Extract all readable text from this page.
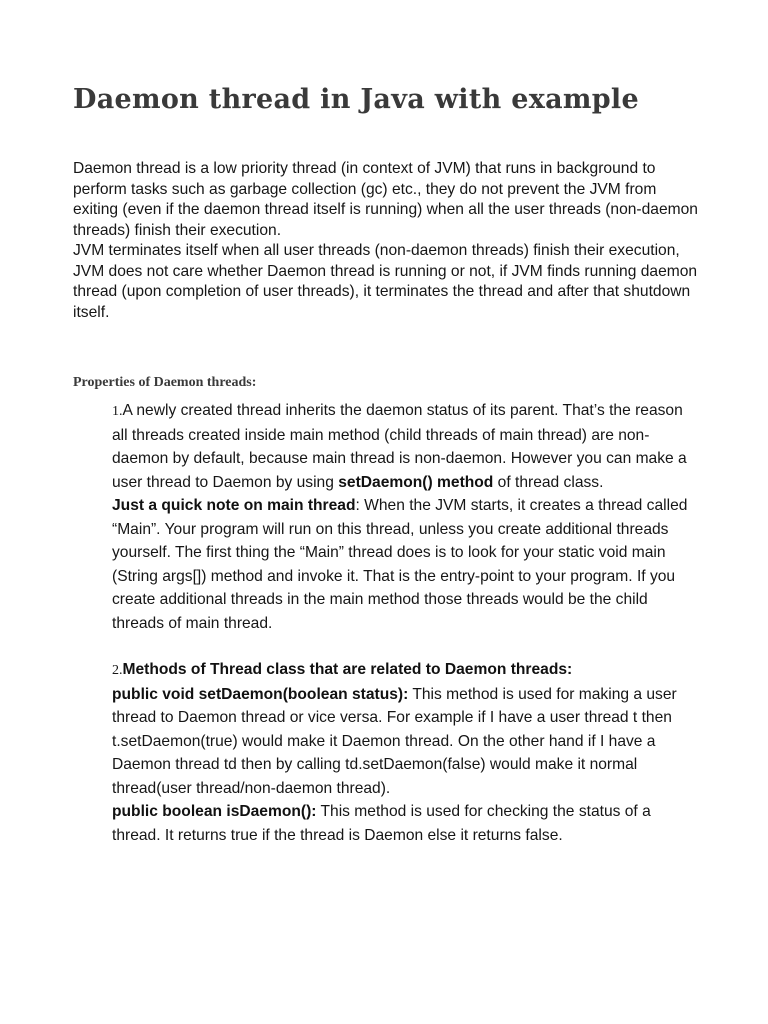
Daemon thread in Java with example

Daemon thread is a low priority thread (in context of JVM) that runs in background to perform tasks such as garbage collection (gc) etc., they do not prevent the JVM from exiting (even if the daemon thread itself is running) when all the user threads (non-daemon threads) finish their execution.

JVM terminates itself when all user threads (non-daemon threads) finish their execution, JVM does not care whether Daemon thread is running or not, if JVM finds running daemon thread (upon completion of user threads), it terminates the thread and after that shutdown itself.

Properties of Daemon threads:

1.A newly created thread inherits the daemon status of its parent. That’s the reason all threads created inside main method (child threads of main thread) are non-daemon by default, because main thread is non-daemon. However you can make a user thread to Daemon by using setDaemon() method of thread class.

Just a quick note on main thread: When the JVM starts, it creates a thread called “Main”. Your program will run on this thread, unless you create additional threads yourself. The first thing the “Main” thread does is to look for your static void main (String args[]) method and invoke it. That is the entry-point to your program. If you create additional threads in the main method those threads would be the child threads of main thread.

2.Methods of Thread class that are related to Daemon threads:

public void setDaemon(boolean status): This method is used for making a user thread to Daemon thread or vice versa. For example if I have a user thread t then t.setDaemon(true) would make it Daemon thread. On the other hand if I have a Daemon thread td then by calling td.setDaemon(false) would make it normal thread(user thread/non-daemon thread).

public boolean isDaemon(): This method is used for checking the status of a thread. It returns true if the thread is Daemon else it returns false.
